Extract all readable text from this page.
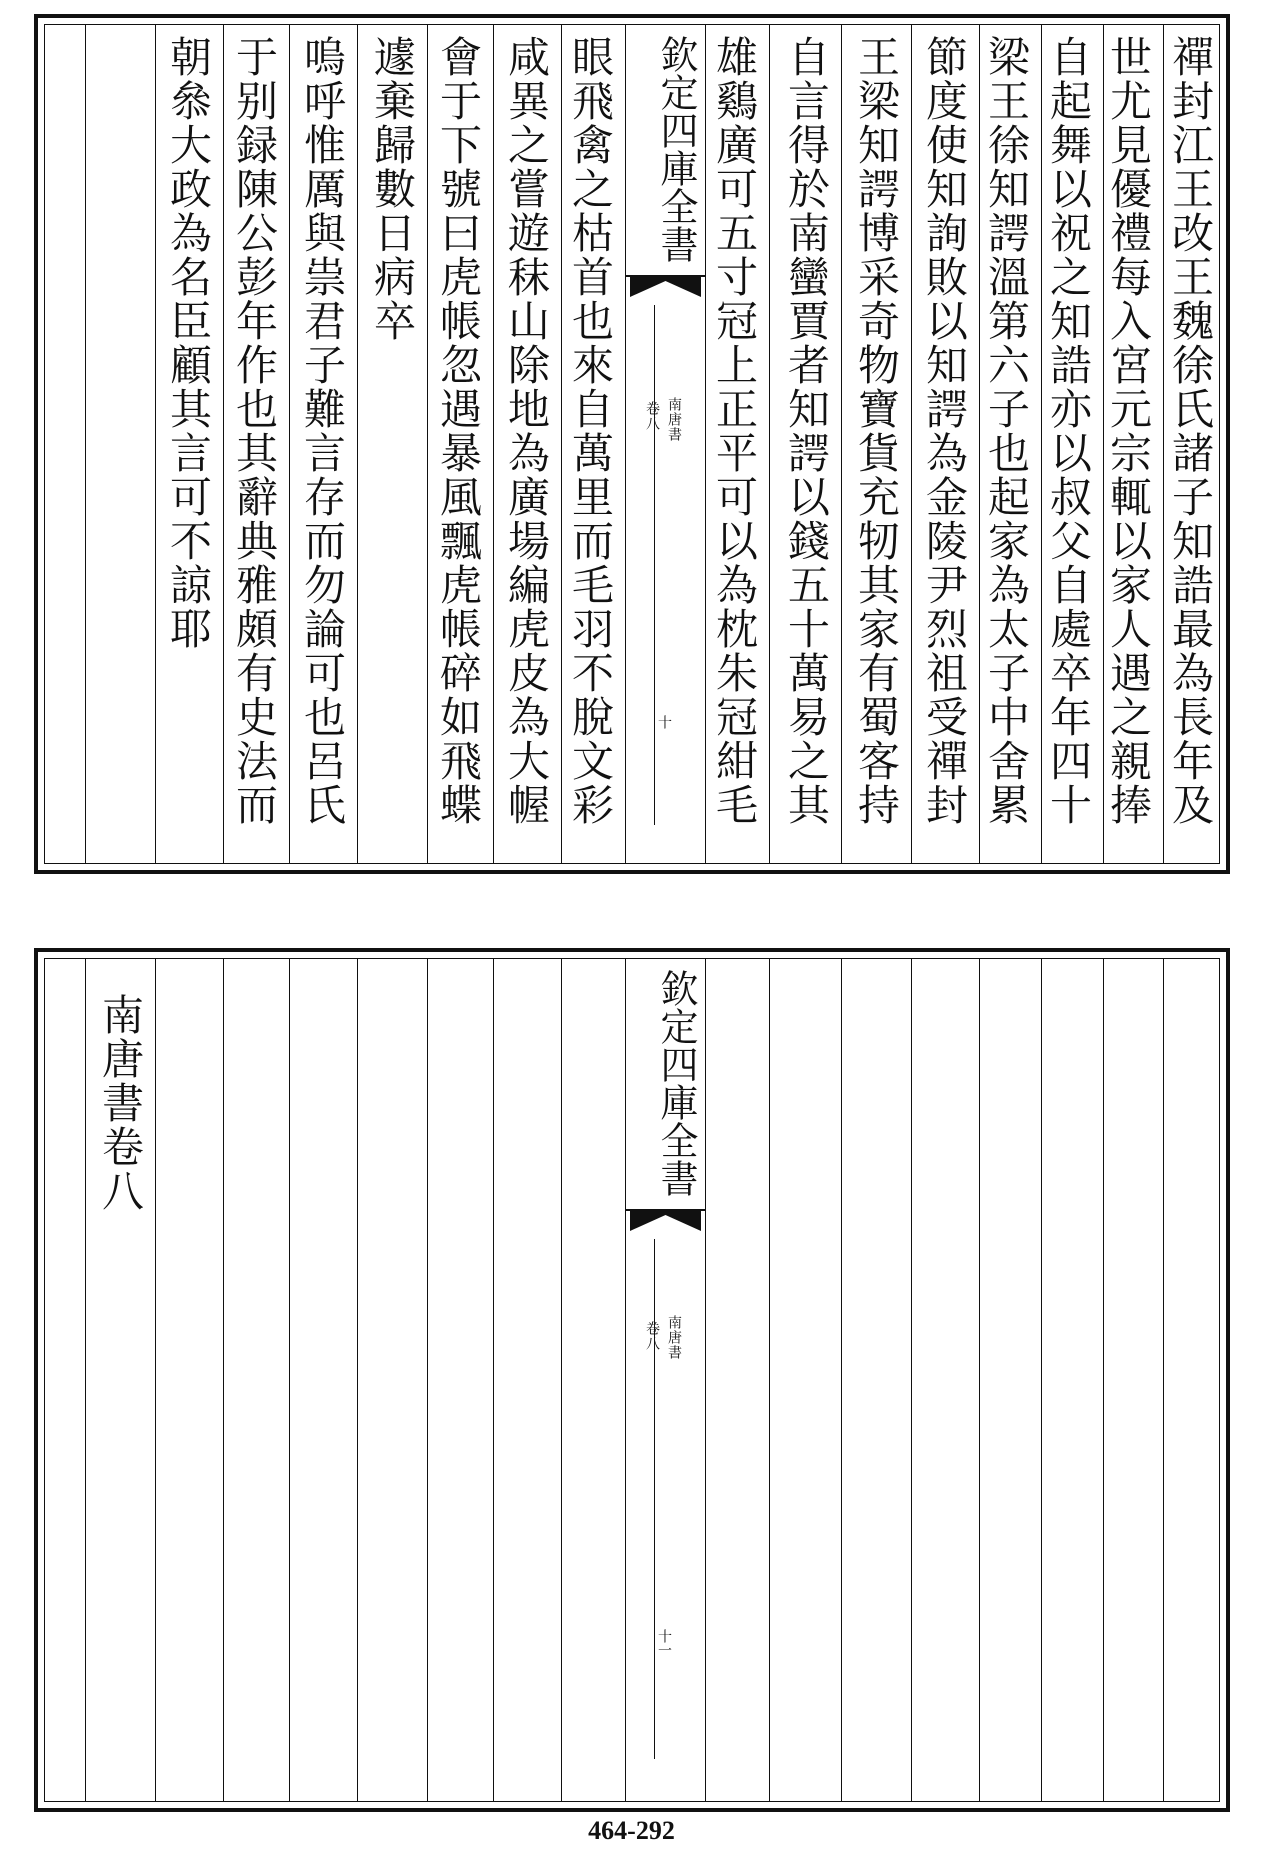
禪封江王改王魏徐氏諸子知誥最為長年及
世尤見優禮每入宮元宗輒以家人遇之親捧
自起舞以祝之知誥亦以叔父自處卒年四十
梁王徐知諤溫第六子也起家為太子中舍累
節度使知詢敗以知諤為金陵尹烈祖受禪封
王梁知諤博采奇物寶貨充牣其家有蜀客持
自言得於南蠻賈者知諤以錢五十萬易之其
雄鷄廣可五寸冠上正平可以為枕朱冠紺毛
欽定四庫全書
南唐書
卷八
十
眼飛禽之枯首也來自萬里而毛羽不脫文彩
咸異之嘗遊秣山除地為廣場編虎皮為大幄
會于下號曰虎帳忽遇暴風飄虎帳碎如飛蝶
遽棄歸數日病卒
嗚呼惟厲與祟君子難言存而勿論可也呂氏
于别録陳公彭年作也其辭典雅頗有史法而
朝叅大政為名臣顧其言可不諒耶
欽定四庫全書
南唐書
卷八
十一
南唐書卷八
464-292
